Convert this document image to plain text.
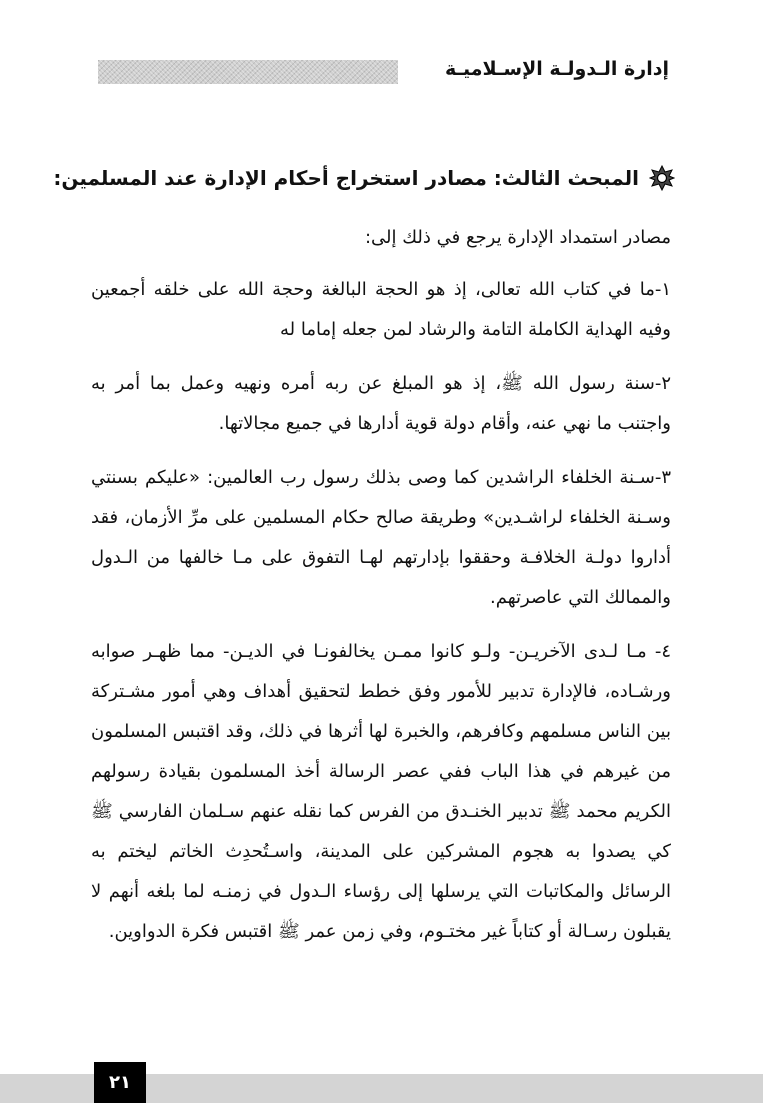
إدارة الـدولـة الإسـلاميـة
المبحث الثالث: مصادر استخراج أحكام الإدارة عند المسلمين:

مصادر استمداد الإدارة يرجع في ذلك إلى:

١-ما في كتاب الله تعالى، إذ هو الحجة البالغة وحجة الله على خلقه أجمعين وفيه الهداية الكاملة التامة والرشاد لمن جعله إماما له

٢-سنة رسول الله ﷺ، إذ هو المبلغ عن ربه أمره ونهيه وعمل بما أمر به واجتنب ما نهي عنه، وأقام دولة قوية أدارها في جميع مجالاتها.

٣-سـنة الخلفاء الراشدين كما وصى بذلك رسول رب العالمين: «عليكم بسنتي وسـنة الخلفاء لراشـدين» وطريقة صالح حكام المسلمين على مرِّ الأزمان، فقد أداروا دولـة الخلافـة وحققوا بإدارتهم لهـا التفوق على مـا خالفها من الـدول والممالك التي عاصرتهم.

٤- مـا لـدى الآخريـن- ولـو كانوا ممـن يخالفونـا في الديـن- مما ظهـر صوابه ورشـاده، فالإدارة تدبير للأمور وفق خطط لتحقيق أهداف وهي أمور مشـتركة بين الناس مسلمهم وكافرهم، والخبرة لها أثرها في ذلك، وقد اقتبس المسلمون من غيرهم في هذا الباب ففي عصر الرسالة أخذ المسلمون بقيادة رسولهم الكريم محمد ﷺ تدبير الخنـدق من الفرس كما نقله عنهم سـلمان الفارسي ﷺ كي يصدوا به هجوم المشركين على المدينة، واسـتُحدِث الخاتم ليختم به الرسائل والمكاتبات التي يرسلها إلى رؤساء الـدول في زمنـه لما بلغه أنهم لا يقبلون رسـالة أو كتاباً غير مختـوم، وفي زمن عمر ﷺ اقتبس فكرة الدواوين.

٢١
